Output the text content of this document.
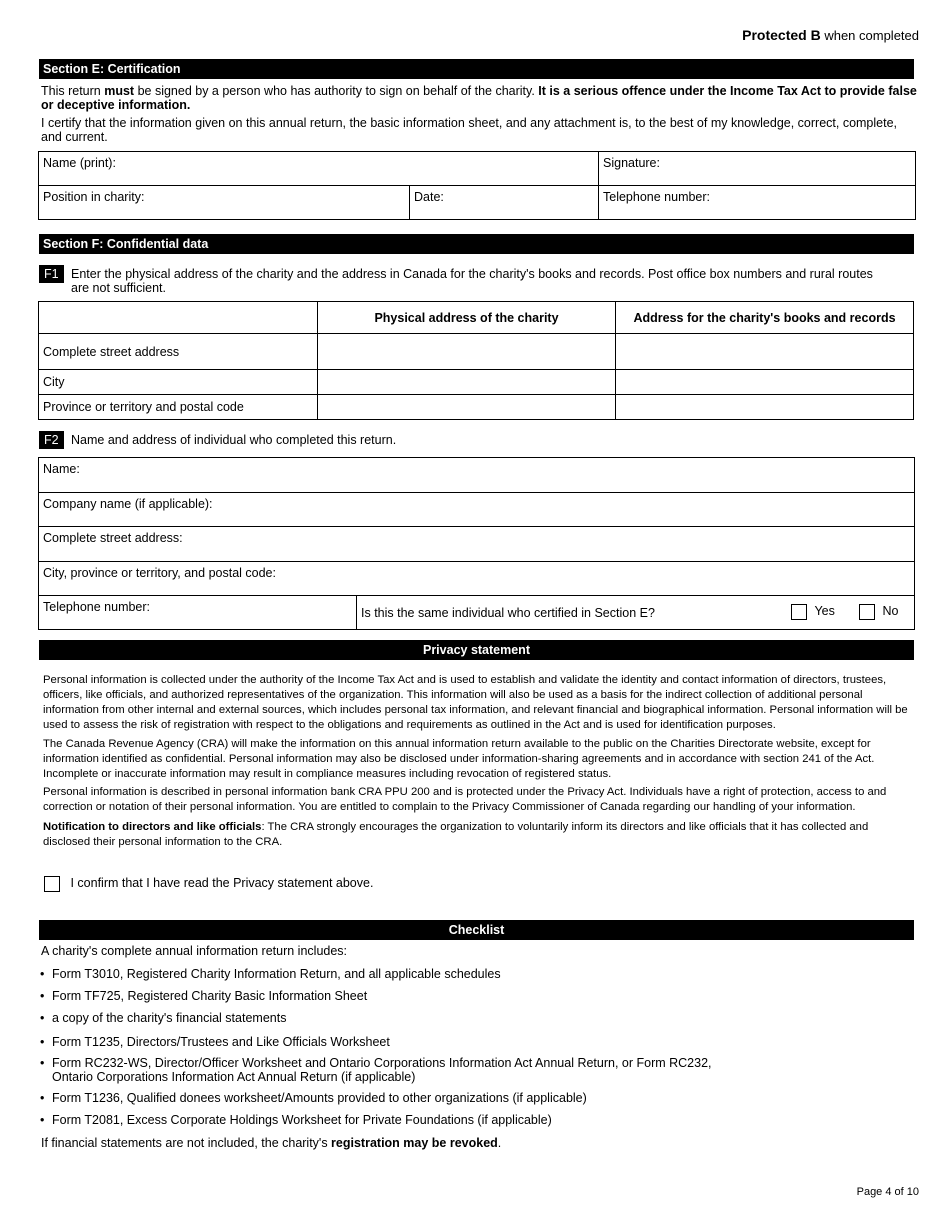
Protected B when completed
Section E: Certification
This return must be signed by a person who has authority to sign on behalf of the charity. It is a serious offence under the Income Tax Act to provide false or deceptive information.
I certify that the information given on this annual return, the basic information sheet, and any attachment is, to the best of my knowledge, correct, complete, and current.
Name (print):		Signature:
Position in charity:	Date:	Telephone number:
Section F: Confidential data
F1 Enter the physical address of the charity and the address in Canada for the charity's books and records. Post office box numbers and rural routes are not sufficient.
	Physical address of the charity	Address for the charity's books and records
Complete street address		
City		
Province or territory and postal code		
F2 Name and address of individual who completed this return.
Name:
Company name (if applicable):
Complete street address:
City, province or territory, and postal code:
Telephone number:	Is this the same individual who certified in Section E?	Yes	No
Privacy statement
Personal information is collected under the authority of the Income Tax Act and is used to establish and validate the identity and contact information of directors, trustees, officers, like officials, and authorized representatives of the organization. This information will also be used as a basis for the indirect collection of additional personal information from other internal and external sources, which includes personal tax information, and relevant financial and biographical information. Personal information will be used to assess the risk of registration with respect to the obligations and requirements as outlined in the Act and is used for identification purposes.
The Canada Revenue Agency (CRA) will make the information on this annual information return available to the public on the Charities Directorate website, except for information identified as confidential. Personal information may also be disclosed under information-sharing agreements and in accordance with section 241 of the Act. Incomplete or inaccurate information may result in compliance measures including revocation of registered status.
Personal information is described in personal information bank CRA PPU 200 and is protected under the Privacy Act. Individuals have a right of protection, access to and correction or notation of their personal information. You are entitled to complain to the Privacy Commissioner of Canada regarding our handling of your information.
Notification to directors and like officials: The CRA strongly encourages the organization to voluntarily inform its directors and like officials that it has collected and disclosed their personal information to the CRA.
I confirm that I have read the Privacy statement above.
Checklist
A charity's complete annual information return includes:
• Form T3010, Registered Charity Information Return, and all applicable schedules
• Form TF725, Registered Charity Basic Information Sheet
• a copy of the charity's financial statements
• Form T1235, Directors/Trustees and Like Officials Worksheet
• Form RC232-WS, Director/Officer Worksheet and Ontario Corporations Information Act Annual Return, or Form RC232, Ontario Corporations Information Act Annual Return (if applicable)
• Form T1236, Qualified donees worksheet/Amounts provided to other organizations (if applicable)
• Form T2081, Excess Corporate Holdings Worksheet for Private Foundations (if applicable)
If financial statements are not included, the charity's registration may be revoked.
Page 4 of 10
